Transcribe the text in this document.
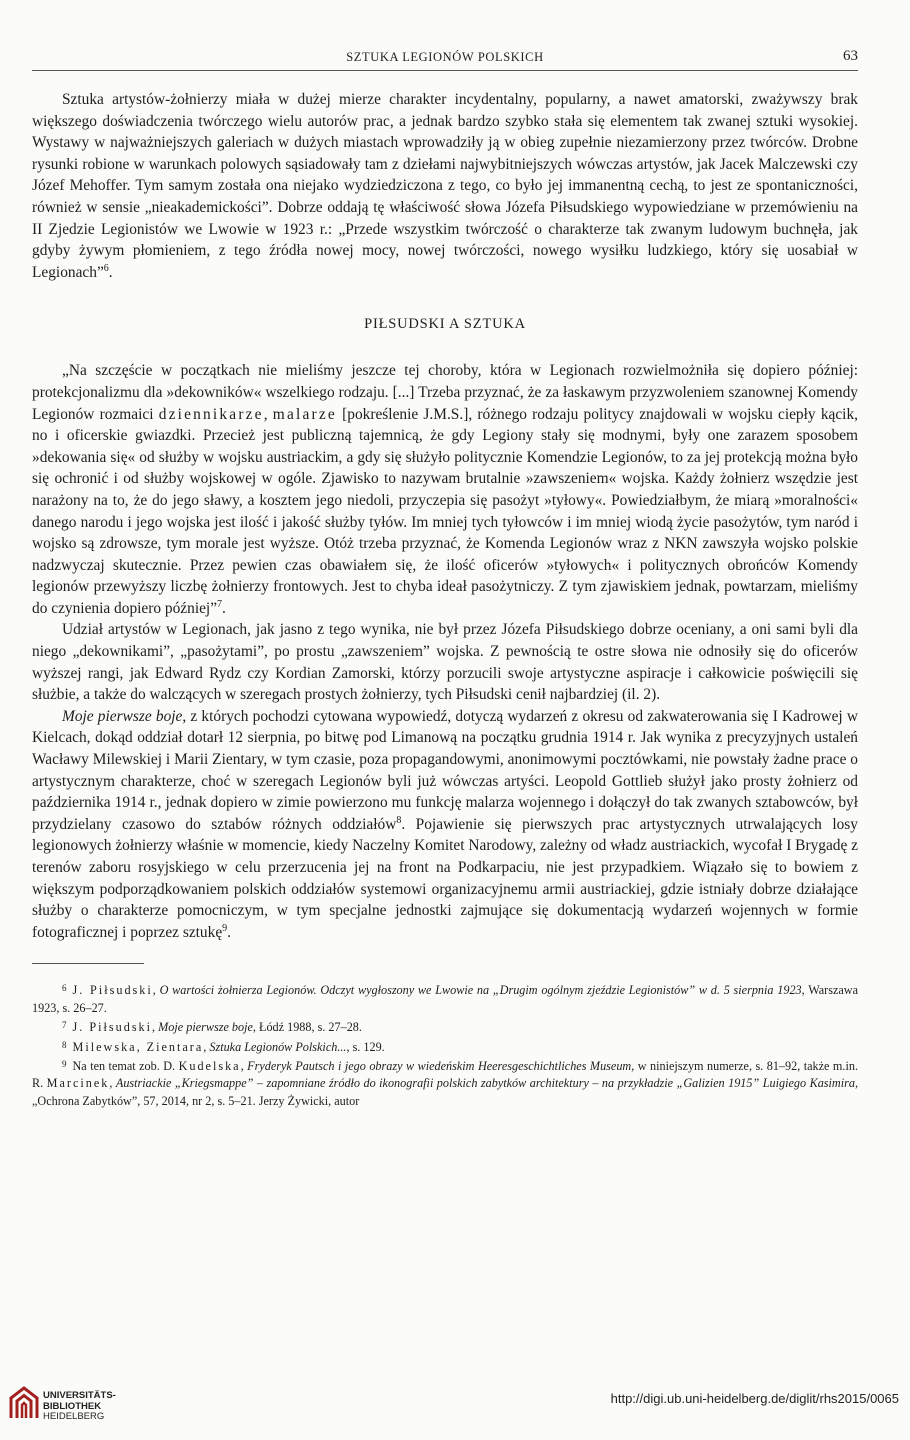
SZTUKA LEGIONÓW POLSKICH	63

Sztuka artystów-żołnierzy miała w dużej mierze charakter incydentalny, popularny, a nawet amatorski, zważywszy brak większego doświadczenia twórczego wielu autorów prac, a jednak bardzo szybko stała się elementem tak zwanej sztuki wysokiej. Wystawy w najważniejszych galeriach w dużych miastach wprowadziły ją w obieg zupełnie niezamierzony przez twórców. Drobne rysunki robione w warunkach polowych sąsiadowały tam z dziełami najwybitniejszych wówczas artystów, jak Jacek Malczewski czy Józef Mehoffer. Tym samym została ona niejako wydziedziczona z tego, co było jej immanentną cechą, to jest ze spontaniczności, również w sensie „nieakademickości”. Dobrze oddają tę właściwość słowa Józefa Piłsudskiego wypowiedziane w przemówieniu na II Zjedzie Legionistów we Lwowie w 1923 r.: „Przede wszystkim twórczość o charakterze tak zwanym ludowym buchnęła, jak gdyby żywym płomieniem, z tego źródła nowej mocy, nowej twórczości, nowego wysiłku ludzkiego, który się uosabiał w Legionach”$^6$.

PIŁSUDSKI A SZTUKA

„Na szczęście w początkach nie mieliśmy jeszcze tej choroby, która w Legionach rozwielmożniła się dopiero później: protekcjonalizmu dla »dekowników« wszelkiego rodzaju. [...] Trzeba przyznać, że za łaskawym przyzwoleniem szanownej Komendy Legionów rozmaici dziennikarze, malarze [pokreślenie J.M.S.], różnego rodzaju politycy znajdowali w wojsku ciepły kącik, no i oficerskie gwiazdki. Przecież jest publiczną tajemnicą, że gdy Legiony stały się modnymi, były one zarazem sposobem »dekowania się« od służby w wojsku austriackim, a gdy się służyło politycznie Komendzie Legionów, to za jej protekcją można było się ochronić i od służby wojskowej w ogóle. Zjawisko to nazywam brutalnie »zawszeniem« wojska. Każdy żołnierz wszędzie jest narażony na to, że do jego sławy, a kosztem jego niedoli, przyczepia się pasożyt »tyłowy«. Powiedziałbym, że miarą »moralności« danego narodu i jego wojska jest ilość i jakość służby tyłów. Im mniej tych tyłowców i im mniej wiodą życie pasożytów, tym naród i wojsko są zdrowsze, tym morale jest wyższe. Otóż trzeba przyznać, że Komenda Legionów wraz z NKN zawszyła wojsko polskie nadzwyczaj skutecznie. Przez pewien czas obawiałem się, że ilość oficerów »tyłowych« i politycznych obrońców Komendy legionów przewyższy liczbę żołnierzy frontowych. Jest to chyba ideał pasożytniczy. Z tym zjawiskiem jednak, powtarzam, mieliśmy do czynienia dopiero później”$^7$.

Udział artystów w Legionach, jak jasno z tego wynika, nie był przez Józefa Piłsudskiego dobrze oceniany, a oni sami byli dla niego „dekownikami”, „pasożytami”, po prostu „zawszeniem” wojska. Z pewnością te ostre słowa nie odnosiły się do oficerów wyższej rangi, jak Edward Rydz czy Kordian Zamorski, którzy porzucili swoje artystyczne aspiracje i całkowicie poświęcili się służbie, a także do walczących w szeregach prostych żołnierzy, tych Piłsudski cenił najbardziej (il. 2).

Moje pierwsze boje, z których pochodzi cytowana wypowiedź, dotyczą wydarzeń z okresu od zakwaterowania się I Kadrowej w Kielcach, dokąd oddział dotarł 12 sierpnia, po bitwę pod Limanową na początku grudnia 1914 r. Jak wynika z precyzyjnych ustaleń Wacławy Milewskiej i Marii Zientary, w tym czasie, poza propagandowymi, anonimowymi pocztówkami, nie powstały żadne prace o artystycznym charakterze, choć w szeregach Legionów byli już wówczas artyści. Leopold Gottlieb służył jako prosty żołnierz od października 1914 r., jednak dopiero w zimie powierzono mu funkcję malarza wojennego i dołączył do tak zwanych sztabowców, był przydzielany czasowo do sztabów różnych oddziałów$^8$. Pojawienie się pierwszych prac artystycznych utrwalających losy legionowych żołnierzy właśnie w momencie, kiedy Naczelny Komitet Narodowy, zależny od władz austriackich, wycofał I Brygadę z terenów zaboru rosyjskiego w celu przerzucenia jej na front na Podkarpaciu, nie jest przypadkiem. Wiązało się to bowiem z większym podporządkowaniem polskich oddziałów systemowi organizacyjnemu armii austriackiej, gdzie istniały dobrze działające służby o charakterze pomocniczym, w tym specjalne jednostki zajmujące się dokumentacją wydarzeń wojennych w formie fotograficznej i poprzez sztukę$^9$.

$^6$ J. Piłsudski, O wartości żołnierza Legionów. Odczyt wygłoszony we Lwowie na „Drugim ogólnym zjeździe Legionistów” w d. 5 sierpnia 1923, Warszawa 1923, s. 26–27.

$^7$ J. Piłsudski, Moje pierwsze boje, Łódź 1988, s. 27–28.

$^8$ Milewska, Zientara, Sztuka Legionów Polskich..., s. 129.

$^9$ Na ten temat zob. D. Kudelska, Fryderyk Pautsch i jego obrazy w wiedeńskim Heeresgeschichtliches Museum, w niniejszym numerze, s. 81–92, także m.in. R. Marcinek, Austriackie „Kriegsmappe” – zapomniane źródło do ikonografii polskich zabytków architektury – na przykładzie „Galizien 1915” Luigiego Kasimira, „Ochrona Zabytków”, 57, 2014, nr 2, s. 5–21. Jerzy Żywicki, autor

UNIVERSITÄTS-
BIBLIOTHEK
HEIDELBERG
http://digi.ub.uni-heidelberg.de/diglit/rhs2015/0065
